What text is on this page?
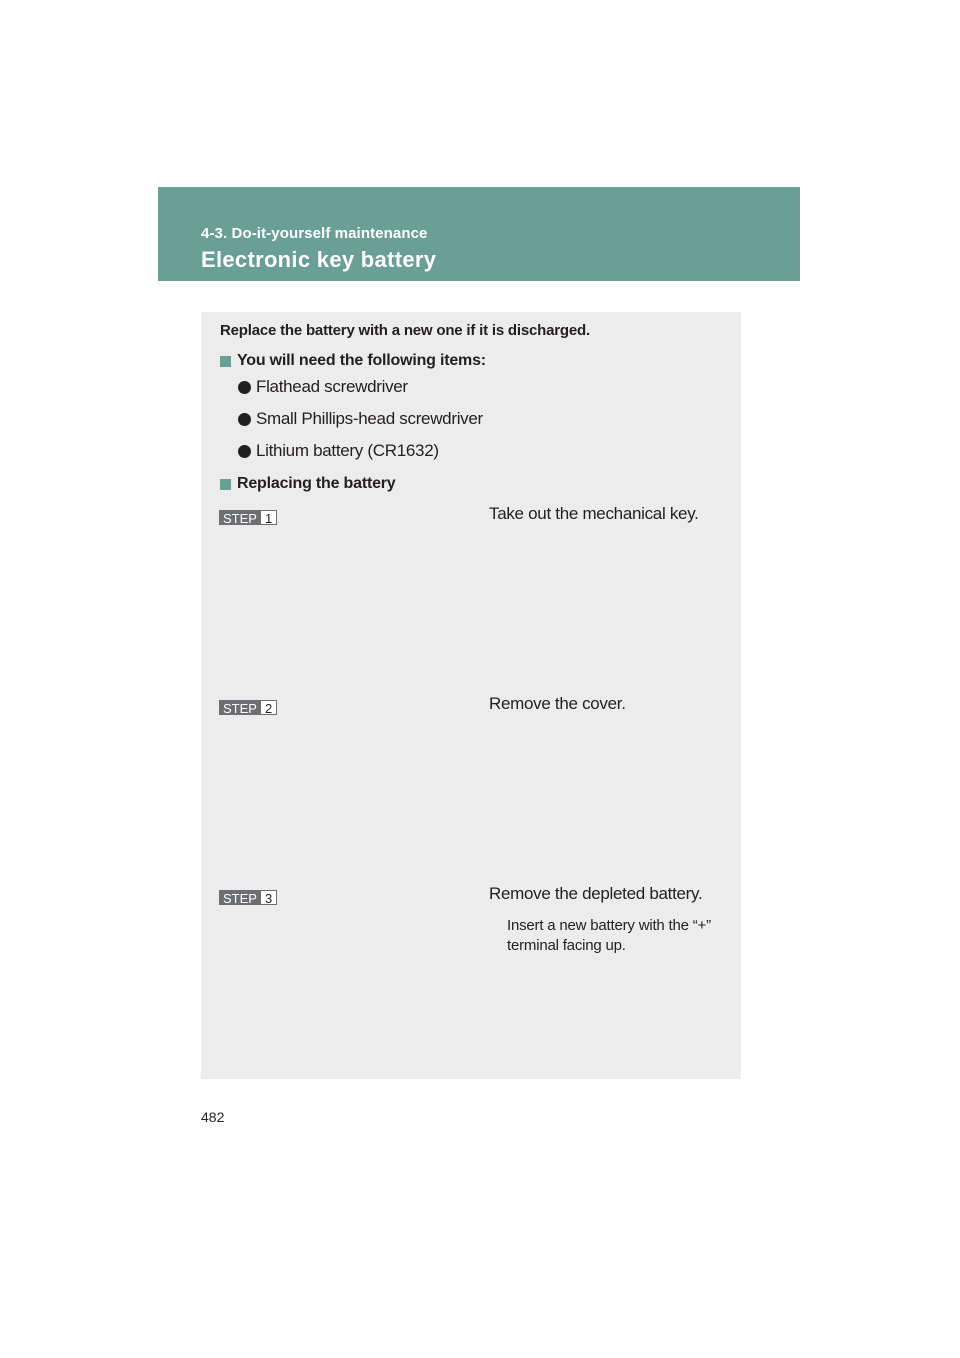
4-3. Do-it-yourself maintenance
Electronic key battery
Replace the battery with a new one if it is discharged.
You will need the following items:
Flathead screwdriver
Small Phillips-head screwdriver
Lithium battery (CR1632)
Replacing the battery
STEP 1	Take out the mechanical key.
STEP 2	Remove the cover.
STEP 3	Remove the depleted battery.
Insert a new battery with the “+” terminal facing up.
482
